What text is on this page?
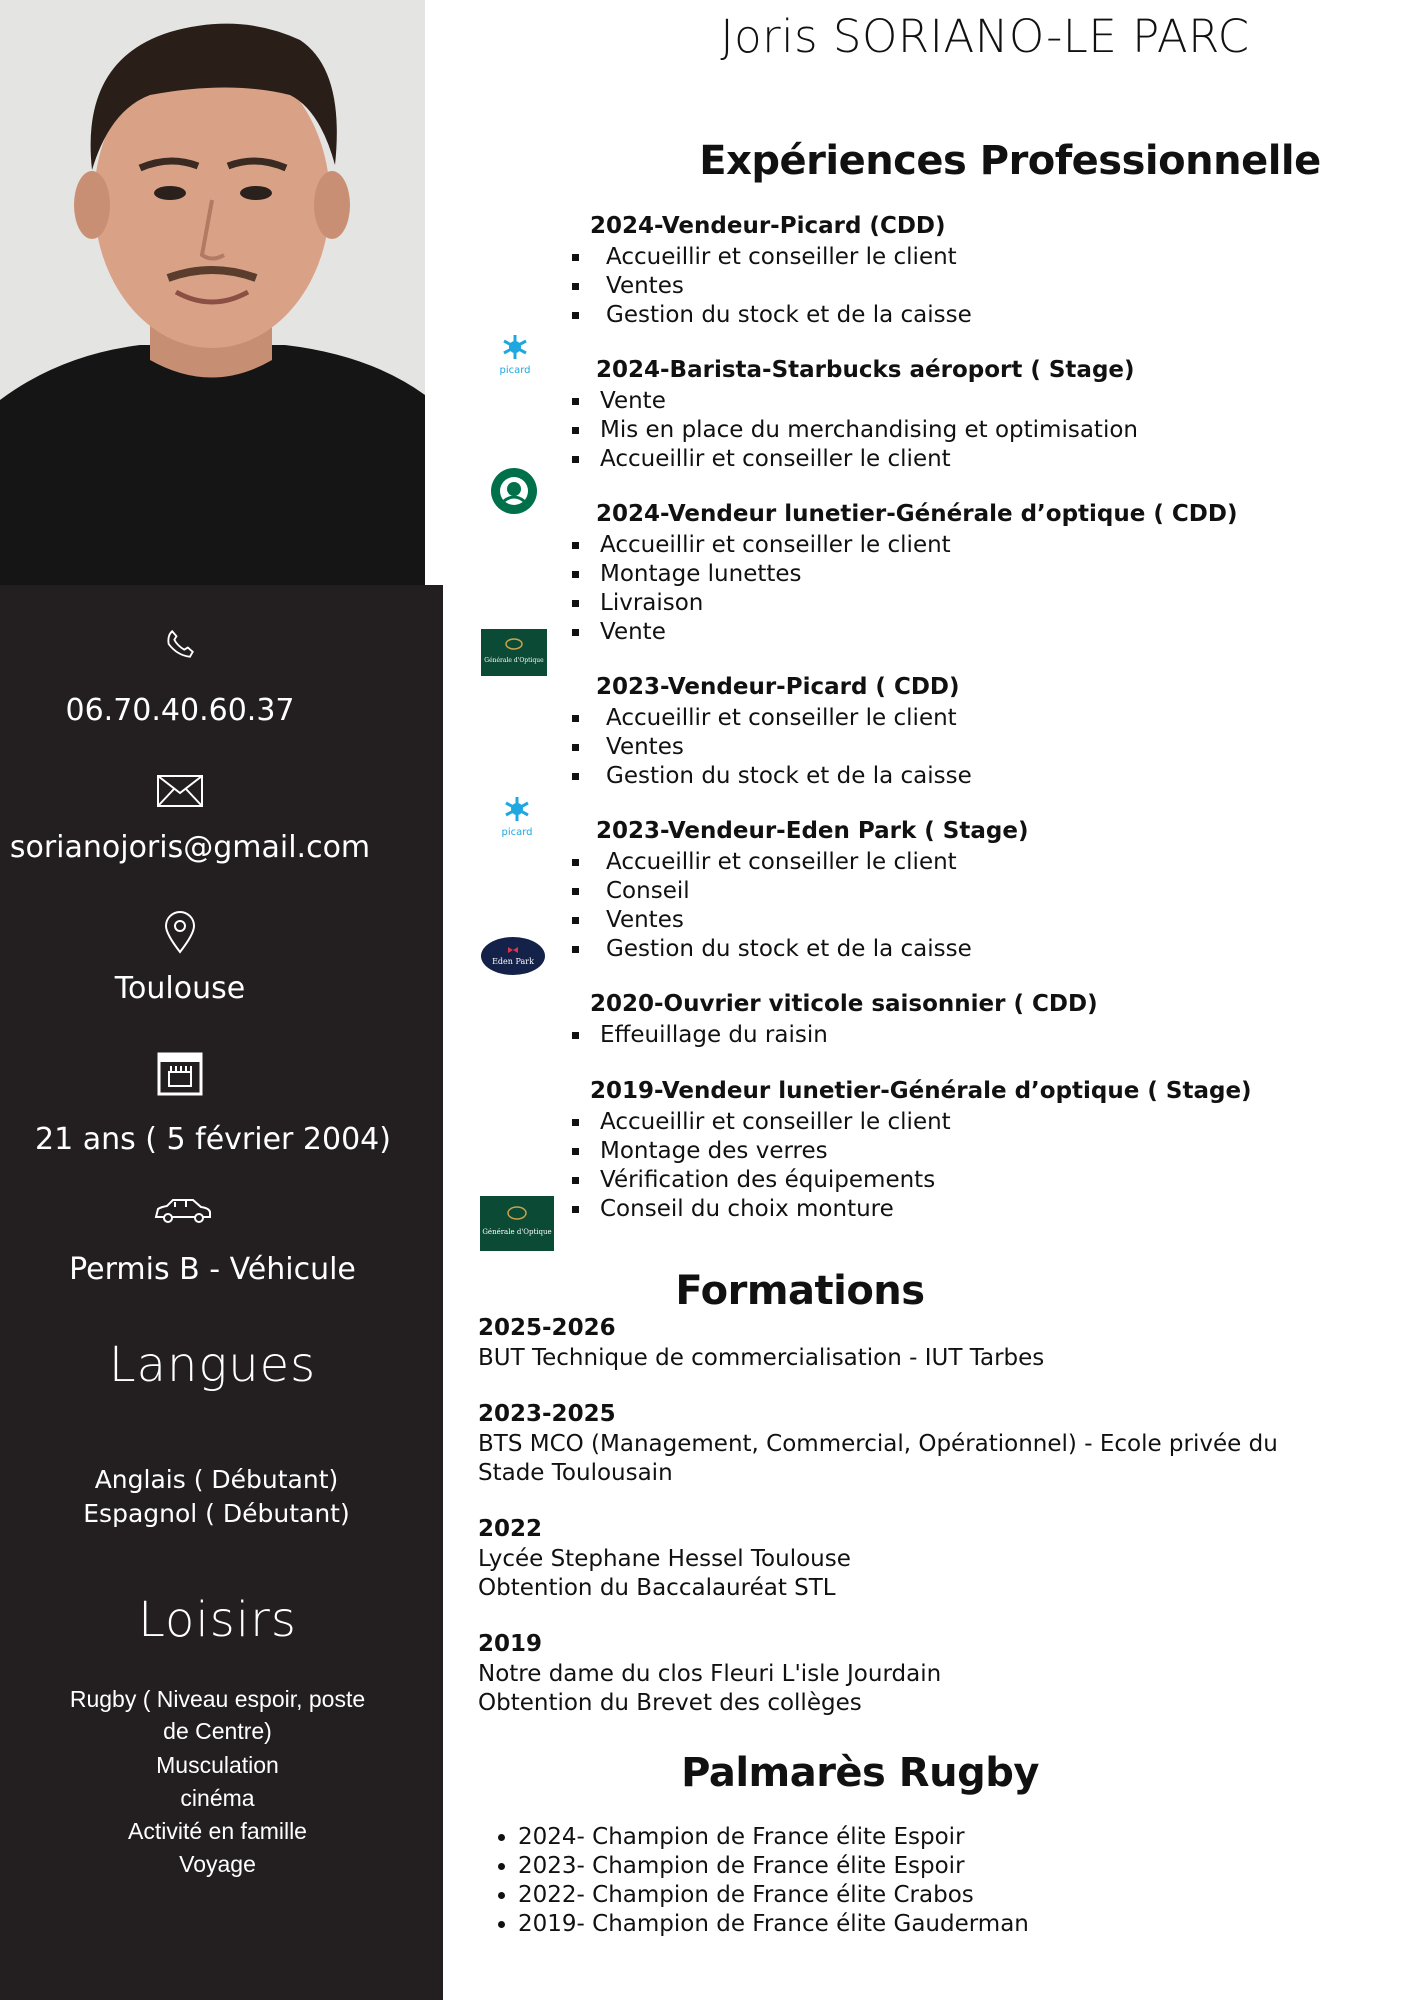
06.70.40.60.37
sorianojoris@gmail.com
Toulouse
21 ans ( 5 février 2004)
Permis B - Véhicule
Langues
Anglais ( Débutant)
Espagnol ( Débutant)
Loisirs
Rugby ( Niveau espoir, poste de Centre)
Musculation
cinéma
Activité en famille
Voyage
Joris SORIANO-LE PARC
Expériences Professionnelle
2024-Vendeur-Picard (CDD)
Accueillir et conseiller le client
Ventes
Gestion du stock et de la caisse
picard	2024-Barista-Starbucks aéroport ( Stage)
Vente
Mis en place du merchandising et optimisation
Accueillir et conseiller le client
2024-Vendeur lunetier-Générale d’optique ( CDD)
Accueillir et conseiller le client
Montage lunettes
Livraison
Vente
Générale d'Optique
2023-Vendeur-Picard ( CDD)
Accueillir et conseiller le client
Ventes
Gestion du stock et de la caisse
picard	2023-Vendeur-Eden Park ( Stage)
Accueillir et conseiller le client
Conseil
Ventes
Gestion du stock et de la caisse
Eden Park
2020-Ouvrier viticole saisonnier ( CDD)
Effeuillage du raisin
2019-Vendeur lunetier-Générale d’optique ( Stage)
Accueillir et conseiller le client
Montage des verres
Vérification des équipements
Conseil du choix monture
Générale d'Optique
Formations
2025-2026
BUT Technique de commercialisation - IUT Tarbes
2023-2025
BTS MCO (Management, Commercial, Opérationnel) - Ecole privée du Stade Toulousain
2022
Lycée Stephane Hessel Toulouse
Obtention du Baccalauréat STL
2019
Notre dame du clos Fleuri L'isle Jourdain
Obtention du Brevet des collèges
Palmarès Rugby
• 2024- Champion de France élite Espoir
• 2023- Champion de France élite Espoir
• 2022- Champion de France élite Crabos
• 2019- Champion de France élite Gauderman
